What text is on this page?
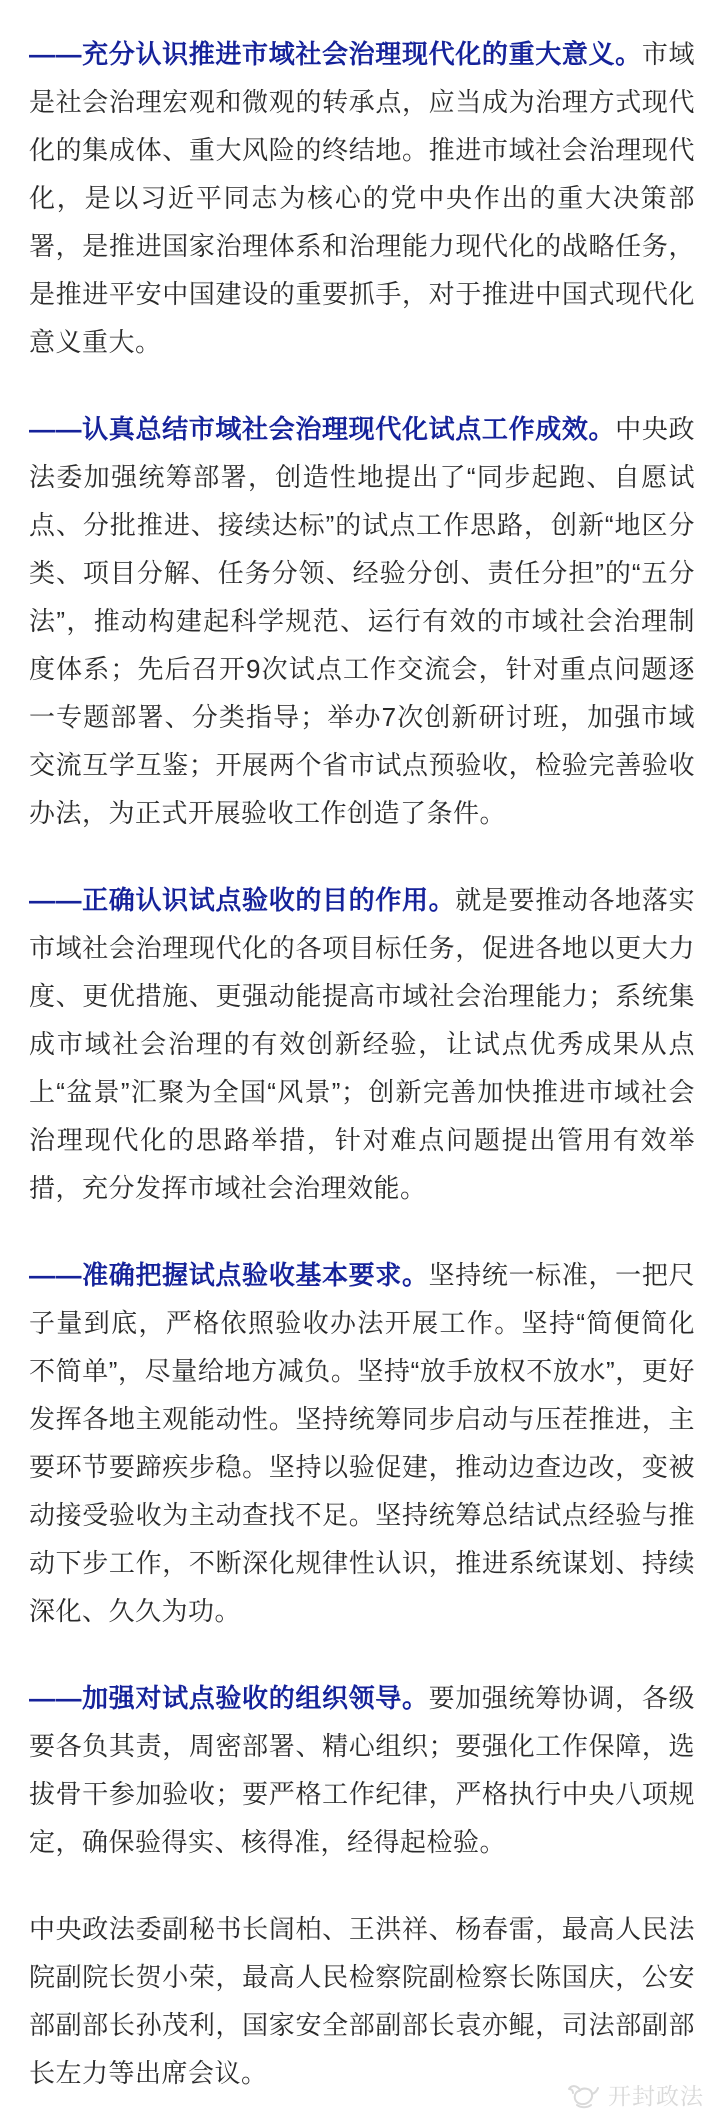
——充分认识推进市域社会治理现代化的重大意义。市域是社会治理宏观和微观的转承点，应当成为治理方式现代化的集成体、重大风险的终结地。推进市域社会治理现代化，是以习近平同志为核心的党中央作出的重大决策部署，是推进国家治理体系和治理能力现代化的战略任务，是推进平安中国建设的重要抓手，对于推进中国式现代化意义重大。

——认真总结市域社会治理现代化试点工作成效。中央政法委加强统筹部署，创造性地提出了“同步起跑、自愿试点、分批推进、接续达标”的试点工作思路，创新“地区分类、项目分解、任务分领、经验分创、责任分担”的“五分法”，推动构建起科学规范、运行有效的市域社会治理制度体系；先后召开9次试点工作交流会，针对重点问题逐一专题部署、分类指导；举办7次创新研讨班，加强市域交流互学互鉴；开展两个省市试点预验收，检验完善验收办法，为正式开展验收工作创造了条件。

——正确认识试点验收的目的作用。就是要推动各地落实市域社会治理现代化的各项目标任务，促进各地以更大力度、更优措施、更强动能提高市域社会治理能力；系统集成市域社会治理的有效创新经验，让试点优秀成果从点上“盆景”汇聚为全国“风景”；创新完善加快推进市域社会治理现代化的思路举措，针对难点问题提出管用有效举措，充分发挥市域社会治理效能。

——准确把握试点验收基本要求。坚持统一标准，一把尺子量到底，严格依照验收办法开展工作。坚持“简便简化不简单”，尽量给地方减负。坚持“放手放权不放水”，更好发挥各地主观能动性。坚持统筹同步启动与压茬推进，主要环节要蹄疾步稳。坚持以验促建，推动边查边改，变被动接受验收为主动查找不足。坚持统筹总结试点经验与推动下步工作，不断深化规律性认识，推进系统谋划、持续深化、久久为功。

——加强对试点验收的组织领导。要加强统筹协调，各级要各负其责，周密部署、精心组织；要强化工作保障，选拔骨干参加验收；要严格工作纪律，严格执行中央八项规定，确保验得实、核得准，经得起检验。

中央政法委副秘书长訚柏、王洪祥、杨春雷，最高人民法院副院长贺小荣，最高人民检察院副检察长陈国庆，公安部副部长孙茂利，国家安全部副部长袁亦鲲，司法部副部长左力等出席会议。

开封政法
